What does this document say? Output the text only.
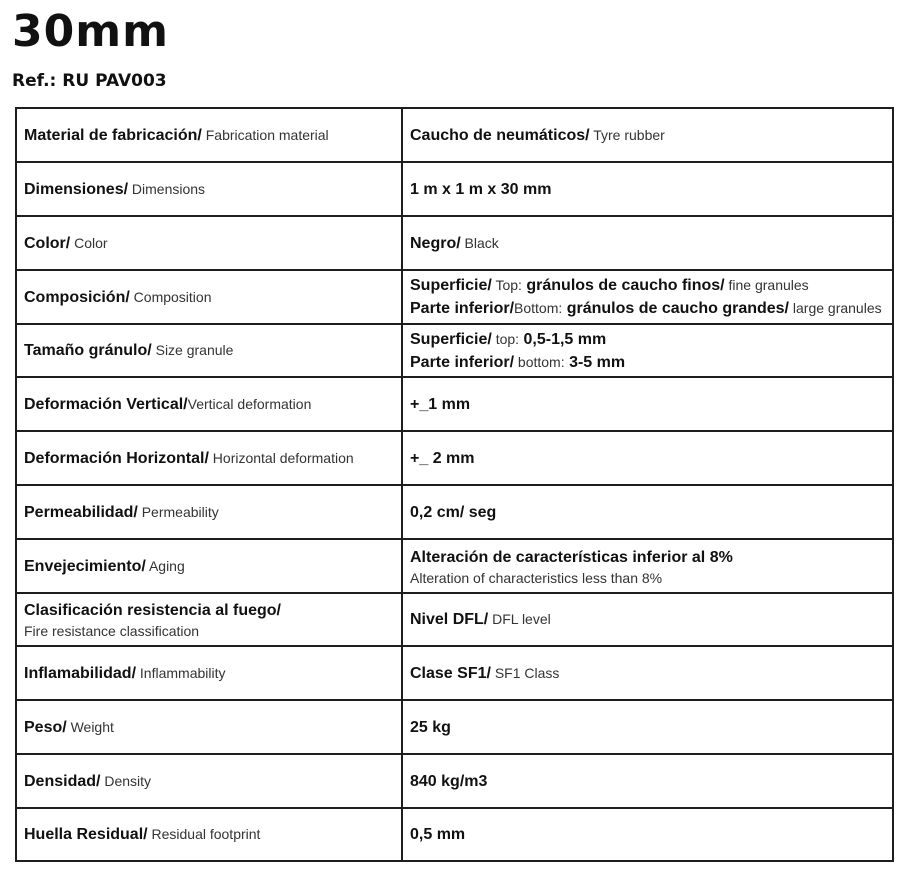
30mm
Ref.: RU PAV003
Material de fabricación/ Fabrication material	Caucho de neumáticos/ Tyre rubber

Dimensiones/ Dimensions	1 m x 1 m x 30 mm

Color/ Color	Negro/ Black

Composición/ Composition	Superficie/ Top: gránulos de caucho finos/ fine granules
Parte inferior/Bottom: gránulos de caucho grandes/ large granules

Tamaño gránulo/ Size granule	Superficie/ top: 0,5-1,5 mm
Parte inferior/ bottom: 3-5 mm

Deformación Vertical/Vertical deformation	+_1 mm

Deformación Horizontal/ Horizontal deformation	+_ 2 mm

Permeabilidad/ Permeability	0,2 cm/ seg

Envejecimiento/ Aging	Alteración de características inferior al 8%
Alteration of characteristics less than 8%

Clasificación resistencia al fuego/
Fire resistance classification	Nivel DFL/ DFL level

Inflamabilidad/ Inflammability	Clase SF1/ SF1 Class

Peso/ Weight	25 kg

Densidad/ Density	840 kg/m3

Huella Residual/ Residual footprint	0,5 mm
